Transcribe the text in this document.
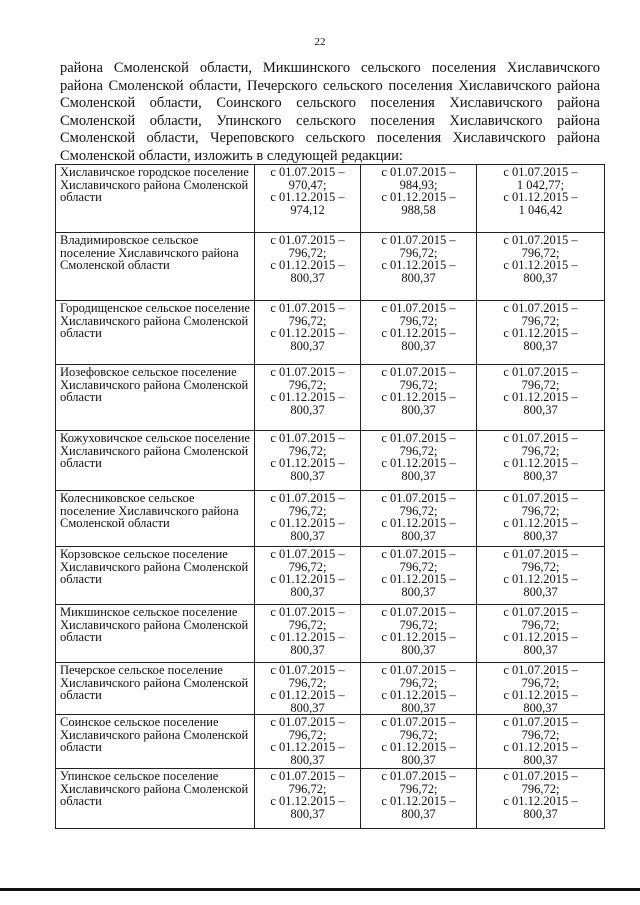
22

района Смоленской области, Микшинского сельского поселения Хиславичского района Смоленской области, Печерского сельского поселения Хиславичского района Смоленской области, Соинского сельского поселения Хиславичского района Смоленской области, Упинского сельского поселения Хиславичского района Смоленской области, Череповского сельского поселения Хиславичского района Смоленской области, изложить в следующей редакции:

Хиславичское городское поселение Хиславичского района Смоленской области	с 01.07.2015 –
970,47;
с 01.12.2015 –
974,12	с 01.07.2015 –
984,93;
с 01.12.2015 –
988,58	с 01.07.2015 –
1 042,77;
с 01.12.2015 –
1 046,42
Владимировское сельское поселение Хиславичского района Смоленской области	с 01.07.2015 –
796,72;
с 01.12.2015 –
800,37	с 01.07.2015 –
796,72;
с 01.12.2015 –
800,37	с 01.07.2015 –
796,72;
с 01.12.2015 –
800,37
Городищенское сельское поселение Хиславичского района Смоленской области	с 01.07.2015 –
796,72;
с 01.12.2015 –
800,37	с 01.07.2015 –
796,72;
с 01.12.2015 –
800,37	с 01.07.2015 –
796,72;
с 01.12.2015 –
800,37
Иозефовское сельское поселение Хиславичского района Смоленской области	с 01.07.2015 –
796,72;
с 01.12.2015 –
800,37	с 01.07.2015 –
796,72;
с 01.12.2015 –
800,37	с 01.07.2015 –
796,72;
с 01.12.2015 –
800,37
Кожуховичское сельское поселение Хиславичского района Смоленской области	с 01.07.2015 –
796,72;
с 01.12.2015 –
800,37	с 01.07.2015 –
796,72;
с 01.12.2015 –
800,37	с 01.07.2015 –
796,72;
с 01.12.2015 –
800,37
Колесниковское сельское поселение Хиславичского района Смоленской области	с 01.07.2015 –
796,72;
с 01.12.2015 –
800,37	с 01.07.2015 –
796,72;
с 01.12.2015 –
800,37	с 01.07.2015 –
796,72;
с 01.12.2015 –
800,37
Корзовское сельское поселение Хиславичского района Смоленской области	с 01.07.2015 –
796,72;
с 01.12.2015 –
800,37	с 01.07.2015 –
796,72;
с 01.12.2015 –
800,37	с 01.07.2015 –
796,72;
с 01.12.2015 –
800,37
Микшинское сельское поселение Хиславичского района Смоленской области	с 01.07.2015 –
796,72;
с 01.12.2015 –
800,37	с 01.07.2015 –
796,72;
с 01.12.2015 –
800,37	с 01.07.2015 –
796,72;
с 01.12.2015 –
800,37
Печерское сельское поселение Хиславичского района Смоленской области	с 01.07.2015 –
796,72;
с 01.12.2015 –
800,37	с 01.07.2015 –
796,72;
с 01.12.2015 –
800,37	с 01.07.2015 –
796,72;
с 01.12.2015 –
800,37
Соинское сельское поселение Хиславичского района Смоленской области	с 01.07.2015 –
796,72;
с 01.12.2015 –
800,37	с 01.07.2015 –
796,72;
с 01.12.2015 –
800,37	с 01.07.2015 –
796,72;
с 01.12.2015 –
800,37
Упинское сельское поселение Хиславичского района Смоленской области	с 01.07.2015 –
796,72;
с 01.12.2015 –
800,37	с 01.07.2015 –
796,72;
с 01.12.2015 –
800,37	с 01.07.2015 –
796,72;
с 01.12.2015 –
800,37
